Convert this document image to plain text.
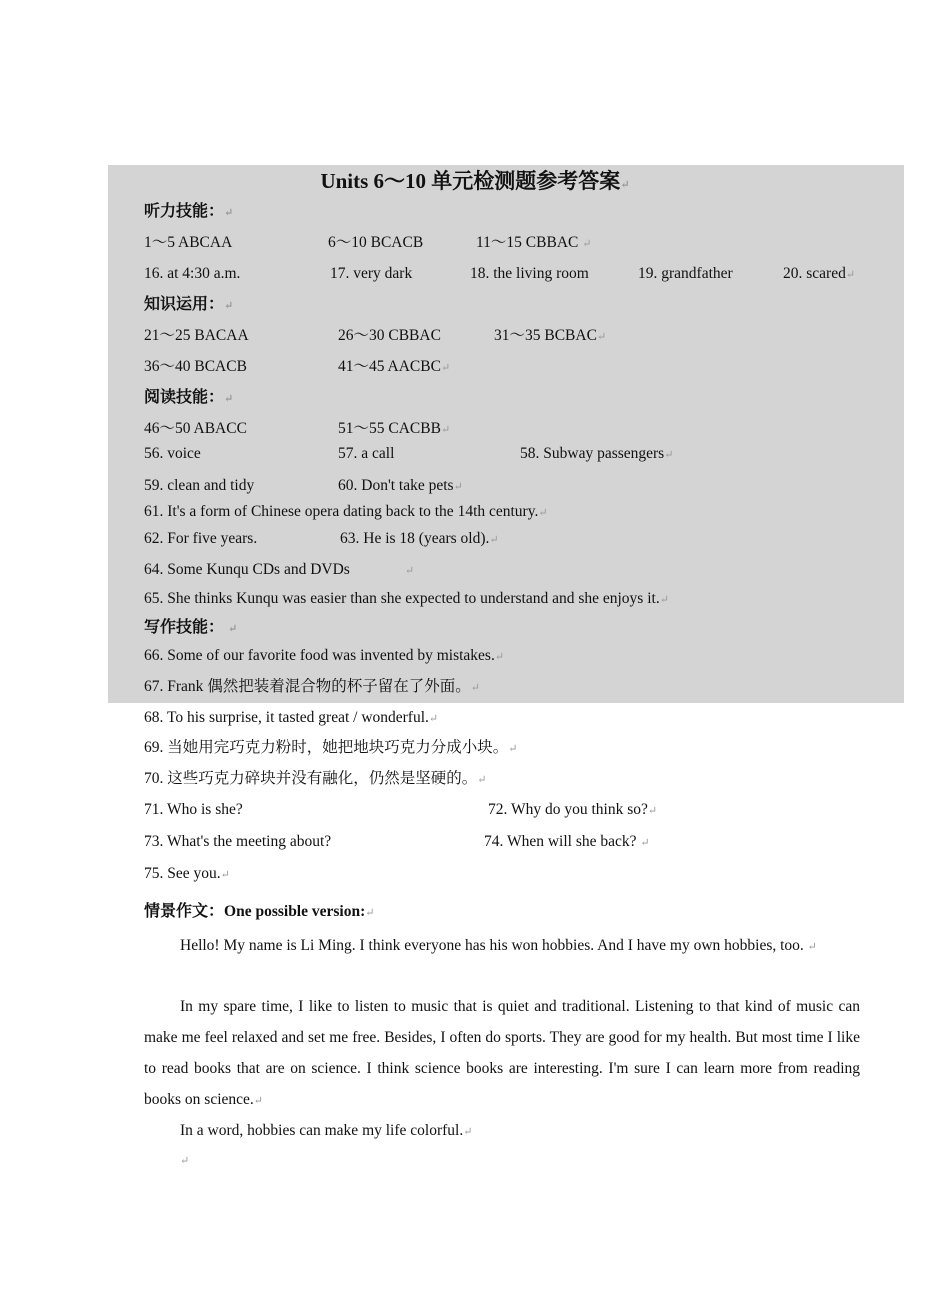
Units 6～10 单元检测题参考答案↵
听力技能：↵
1～5 ABCAA	6～10 BCACB	11～15 CBBAC ↵
16. at 4:30 a.m.	17. very dark	18. the living room	19. grandfather	20. scared↵
知识运用：↵
21～25 BACAA	26～30 CBBAC	31～35 BCBAC↵
36～40 BCACB	41～45 AACBC↵
阅读技能：↵
46～50 ABACC	51～55 CACBB↵
56. voice	57. a call	58. Subway passengers↵
59. clean and tidy	60. Don't take pets↵
61. It's a form of Chinese opera dating back to the 14th century.↵
62. For five years.	63. He is 18 (years old).↵
64. Some Kunqu CDs and DVDs	↵
65. She thinks Kunqu was easier than she expected to understand and she enjoys it.↵
写作技能： ↵
66. Some of our favorite food was invented by mistakes.↵
67. Frank 偶然把装着混合物的杯子留在了外面。↵
68. To his surprise, it tasted great / wonderful.↵
69. 当她用完巧克力粉时，她把地块巧克力分成小块。↵
70. 这些巧克力碎块并没有融化，仍然是坚硬的。↵
71. Who is she?	72. Why do you think so?↵
73. What's the meeting about?	74. When will she back? ↵
75. See you.↵
情景作文：One possible version:↵
Hello! My name is Li Ming. I think everyone has his won hobbies. And I have my own hobbies, too. ↵
In my spare time, I like to listen to music that is quiet and traditional. Listening to that kind of music can make me feel relaxed and set me free. Besides, I often do sports. They are good for my health. But most time I like to read books that are on science. I think science books are interesting. I'm sure I can learn more from reading books on science.↵
In a word, hobbies can make my life colorful.↵
↵
